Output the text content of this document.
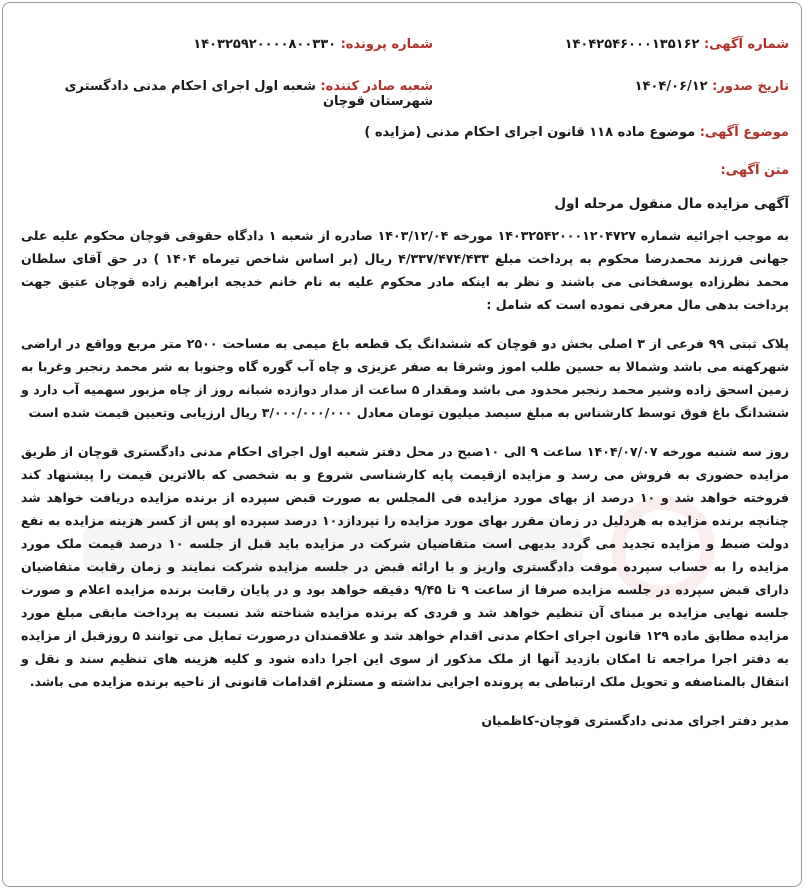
شماره آگهی: ۱۴۰۴۲۵۴۶۰۰۰۱۳۵۱۶۲
شماره پرونده: ۱۴۰۳۲۵۹۲۰۰۰۰۸۰۰۳۳۰
تاریخ صدور: ۱۴۰۴/۰۶/۱۲
شعبه صادر کننده: شعبه اول اجرای احکام مدنی دادگستری شهرستان قوچان
موضوع آگهی: موضوع ماده ۱۱۸ قانون اجرای احکام مدنی (مزایده )
متن آگهی:

آگهی مزایده مال منقول مرحله اول

به موجب اجرائیه شماره ۱۴۰۳۲۵۴۲۰۰۰۱۲۰۴۷۲۷ مورخه ۱۴۰۳/۱۲/۰۴ صادره از شعبه ۱ دادگاه حقوقی قوچان محکوم علیه علی جهانی فرزند محمدرضا محکوم به پرداخت مبلغ ۴/۳۳۷/۴۷۴/۴۳۳ ریال (بر اساس شاخص تیرماه ۱۴۰۴ ) در حق آقای سلطان محمد نظرزاده یوسفخانی می باشند و نظر به اینکه مادر محکوم علیه به نام خانم خدیجه ابراهیم زاده قوچان عتیق جهت پرداخت بدهی مال معرفی نموده است که شامل :

پلاک ثبتی ۹۹ فرعی از ۳ اصلی بخش دو قوچان که ششدانگ یک قطعه باغ میمی به مساحت ۲۵۰۰ متر مربع وواقع در اراضی شهرکهنه می باشد وشمالا به حسین طلب اموز وشرقا به صفر عزیزی و چاه آب گوره گاه وجنوبا به شر محمد رنجبر وغربا به زمین اسحق زاده وشیر محمد رنجبر محدود می باشد ومقدار ۵ ساعت از مدار دوازده شبانه روز از چاه مزبور سهمیه آب دارد و ششدانگ باغ فوق توسط کارشناس به مبلغ سیصد میلیون تومان معادل ۳/۰۰۰/۰۰۰/۰۰۰ ریال ارزیابی وتعیین قیمت شده است

روز سه شنبه مورخه ۱۴۰۴/۰۷/۰۷ ساعت ۹ الی ۱۰صبح در محل دفتر شعبه اول اجرای احکام مدنی دادگستری قوچان از طریق مزایده حضوری به فروش می رسد و مزایده ازقیمت پایه کارشناسی شروع و به شخصی که بالاترین قیمت را پیشنهاد کند فروخته خواهد شد و ۱۰ درصد از بهای مورد مزایده فی المجلس به صورت قبض سپرده از برنده مزایده دریافت خواهد شد چنانچه برنده مزایده به هردلیل در زمان مقرر بهای مورد مزایده را نپردازد۱۰ درصد سپرده او پس از کسر هزینه مزایده به نفع دولت ضبط و مزایده تجدید می گردد بدیهی است متقاضیان شرکت در مزایده باید قبل از جلسه ۱۰ درصد قیمت ملک مورد مزایده را به حساب سپرده موقت دادگستری واریز و با ارائه قبض در جلسه مزایده شرکت نمایند و زمان رقابت متقاضیان دارای قبض سپرده در جلسه مزایده صرفا از ساعت ۹ تا ۹/۴۵ دقیقه خواهد بود و در پایان رقابت برنده مزایده اعلام و صورت جلسه نهایی مزایده بر مبنای آن تنظیم خواهد شد و فردی که برنده مزایده شناخته شد نسبت به پرداخت مابقی مبلغ مورد مزایده مطابق ماده ۱۲۹ قانون اجرای احکام مدنی اقدام خواهد شد و علاقمندان درصورت تمایل می توانند ۵ روزقبل از مزایده به دفتر اجرا مراجعه تا امکان بازدید آنها از ملک مذکور از سوی این اجرا داده شود و کلیه هزینه های تنظیم سند و نقل و انتقال بالمناصفه و تحویل ملک ارتباطی به پرونده اجرایی نداشته و مستلزم اقدامات قانونی از ناحیه برنده مزایده می باشد.

مدیر دفتر اجرای مدنی دادگستری قوچان-کاظمیان
